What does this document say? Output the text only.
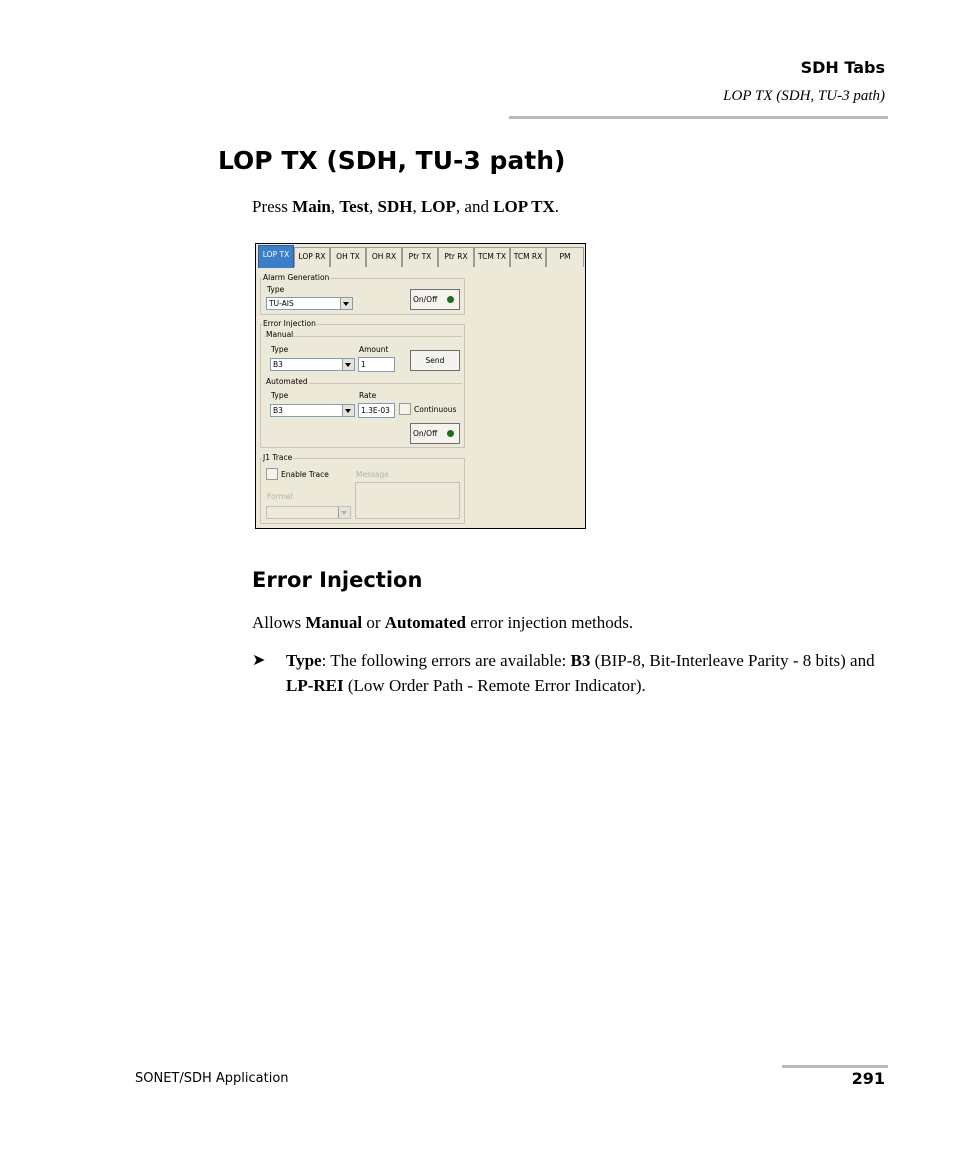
SDH Tabs
LOP TX (SDH, TU-3 path)
LOP TX (SDH, TU-3 path)
Press Main, Test, SDH, LOP, and LOP TX.
LOP TX	LOP RX	OH TX	OH RX	Ptr TX	Ptr RX	TCM TX	TCM RX	PM
Alarm Generation
Type
TU-AIS	On/Off
Error Injection
Manual
Type
B3
Amount
1	Send
Automated
Type
B3
Rate
1.3E-03	Continuous
On/Off
J1 Trace
Enable Trace	Message
Format
Error Injection
Allows Manual or Automated error injection methods.
➤ Type: The following errors are available: B3 (BIP-8, Bit-Interleave Parity - 8 bits) and LP-REI (Low Order Path - Remote Error Indicator).
SONET/SDH Application	291
